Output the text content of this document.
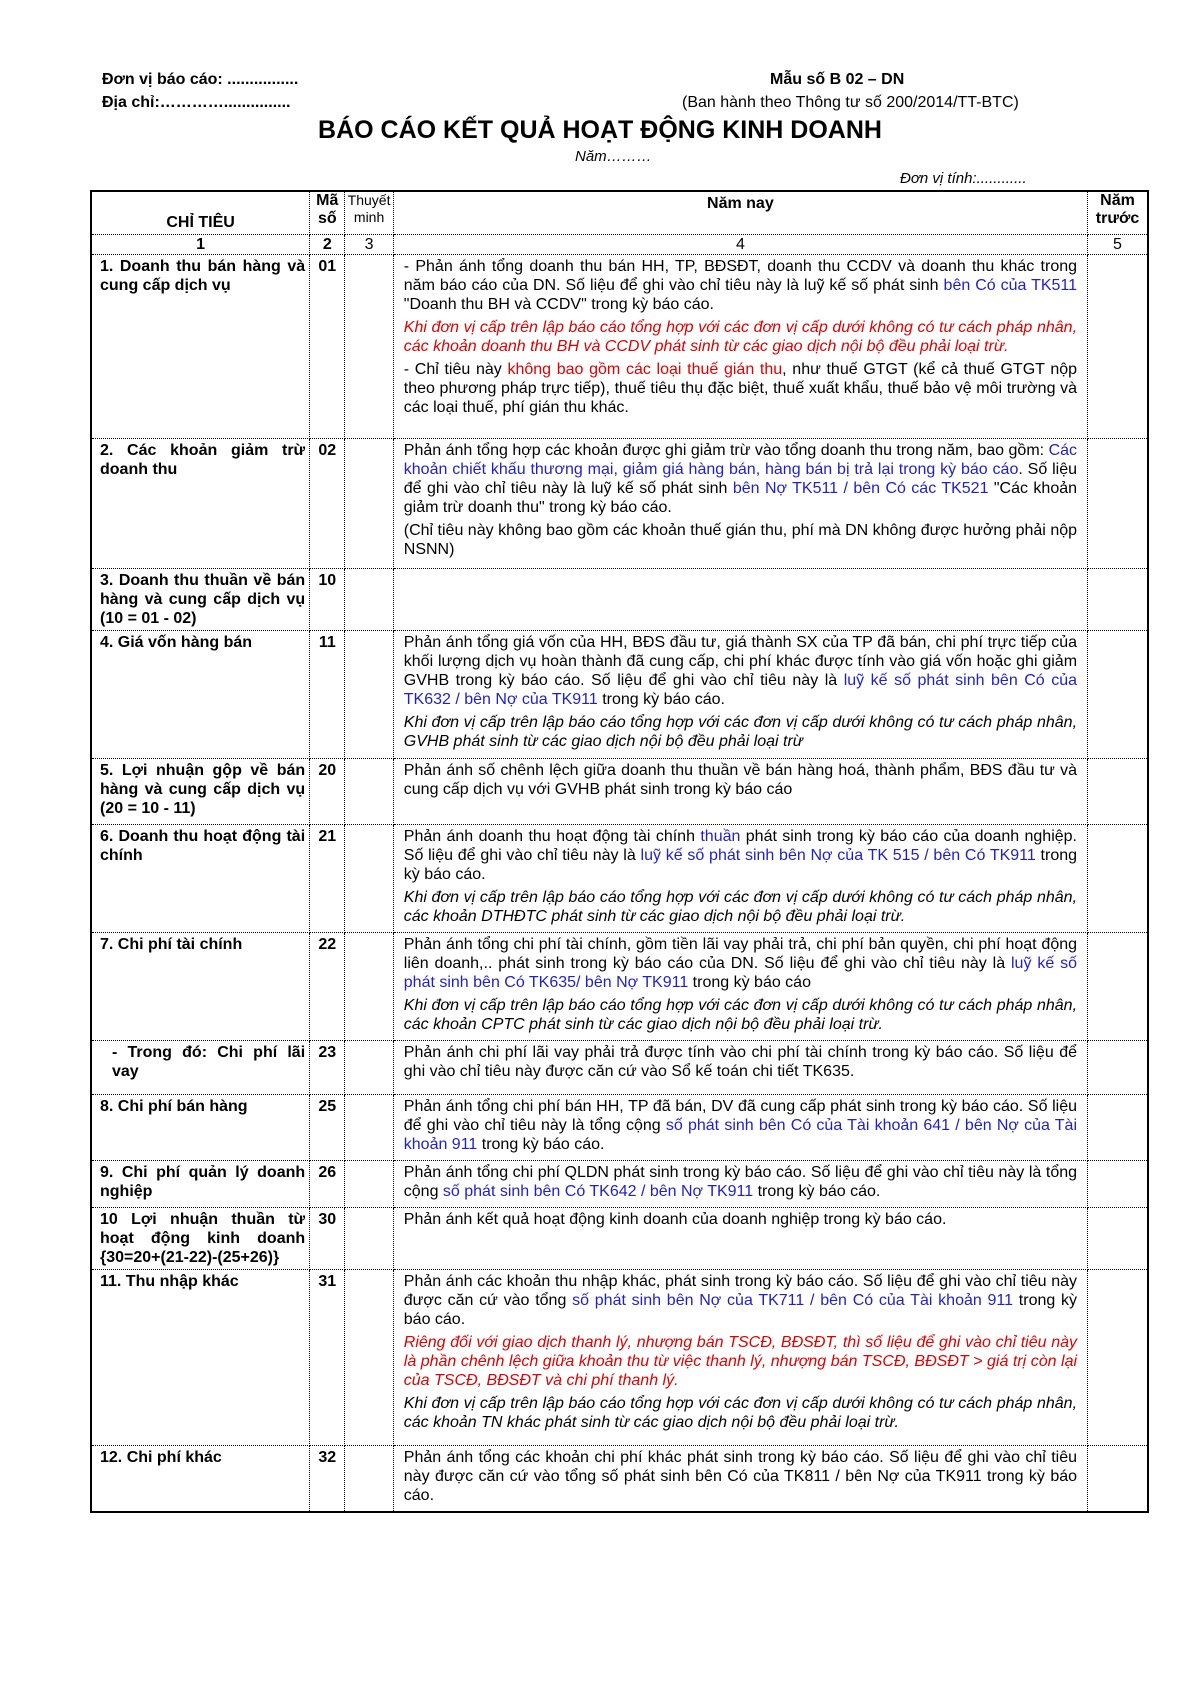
Đơn vị báo cáo: ................
Địa chỉ:…………...............
Mẫu số B 02 – DN
(Ban hành theo Thông tư số 200/2014/TT-BTC)
BÁO CÁO KẾT QUẢ HOẠT ĐỘNG KINH DOANH
Năm………
Đơn vị tính:............
CHỈ TIÊU	Mã số	Thuyết minh	Năm nay	Năm trước
1	2	3	4	5
1. Doanh thu bán hàng và cung cấp dịch vụ	01		- Phản ánh tổng doanh thu bán HH, TP, BĐSĐT, doanh thu CCDV và doanh thu khác trong năm báo cáo của DN. Số liệu để ghi vào chỉ tiêu này là luỹ kế số phát sinh bên Có của TK511 "Doanh thu BH và CCDV" trong kỳ báo cáo.

Khi đơn vị cấp trên lập báo cáo tổng hợp với các đơn vị cấp dưới không có tư cách pháp nhân, các khoản doanh thu BH và CCDV phát sinh từ các giao dịch nội bộ đều phải loại trừ.

- Chỉ tiêu này không bao gồm các loại thuế gián thu, như thuế GTGT (kể cả thuế GTGT nộp theo phương pháp trực tiếp), thuế tiêu thụ đặc biệt, thuế xuất khẩu, thuế bảo vệ môi trường và các loại thuế, phí gián thu khác.	

2. Các khoản giảm trừ doanh thu	02		Phản ánh tổng hợp các khoản được ghi giảm trừ vào tổng doanh thu trong năm, bao gồm: Các khoản chiết khấu thương mại, giảm giá hàng bán, hàng bán bị trả lại trong kỳ báo cáo. Số liệu để ghi vào chỉ tiêu này là luỹ kế số phát sinh bên Nợ TK511 / bên Có các TK521 "Các khoản giảm trừ doanh thu" trong kỳ báo cáo.

(Chỉ tiêu này không bao gồm các khoản thuế gián thu, phí mà DN không được hưởng phải nộp NSNN)	

3. Doanh thu thuần về bán hàng và cung cấp dịch vụ (10 = 01 - 02)	10			
4. Giá vốn hàng bán	11		Phản ánh tổng giá vốn của HH, BĐS đầu tư, giá thành SX của TP đã bán, chi phí trực tiếp của khối lượng dịch vụ hoàn thành đã cung cấp, chi phí khác được tính vào giá vốn hoặc ghi giảm GVHB trong kỳ báo cáo. Số liệu để ghi vào chỉ tiêu này là luỹ kế số phát sinh bên Có của TK632 / bên Nợ của TK911 trong kỳ báo cáo.

Khi đơn vị cấp trên lập báo cáo tổng hợp với các đơn vị cấp dưới không có tư cách pháp nhân, GVHB phát sinh từ các giao dịch nội bộ đều phải loại trừ	

5. Lợi nhuận gộp về bán hàng và cung cấp dịch vụ (20 = 10 - 11)	20		Phản ánh số chênh lệch giữa doanh thu thuần về bán hàng hoá, thành phẩm, BĐS đầu tư và cung cấp dịch vụ với GVHB phát sinh trong kỳ báo cáo	

6. Doanh thu hoạt động tài chính	21		Phản ánh doanh thu hoạt động tài chính thuần phát sinh trong kỳ báo cáo của doanh nghiệp. Số liệu để ghi vào chỉ tiêu này là luỹ kế số phát sinh bên Nợ của TK 515 / bên Có TK911 trong kỳ báo cáo.

Khi đơn vị cấp trên lập báo cáo tổng hợp với các đơn vị cấp dưới không có tư cách pháp nhân, các khoản DTHĐTC phát sinh từ các giao dịch nội bộ đều phải loại trừ.	

7. Chi phí tài chính	22		Phản ánh tổng chi phí tài chính, gồm tiền lãi vay phải trả, chi phí bản quyền, chi phí hoạt động liên doanh,.. phát sinh trong kỳ báo cáo của DN. Số liệu để ghi vào chỉ tiêu này là luỹ kế số phát sinh bên Có TK635/ bên Nợ TK911 trong kỳ báo cáo

Khi đơn vị cấp trên lập báo cáo tổng hợp với các đơn vị cấp dưới không có tư cách pháp nhân, các khoản CPTC phát sinh từ các giao dịch nội bộ đều phải loại trừ.	

- Trong đó: Chi phí lãi vay	23		Phản ánh chi phí lãi vay phải trả được tính vào chi phí tài chính trong kỳ báo cáo. Số liệu để ghi vào chỉ tiêu này được căn cứ vào Sổ kế toán chi tiết TK635.	

8. Chi phí bán hàng	25		Phản ánh tổng chi phí bán HH, TP đã bán, DV đã cung cấp phát sinh trong kỳ báo cáo. Số liệu để ghi vào chỉ tiêu này là tổng cộng số phát sinh bên Có của Tài khoản 641 / bên Nợ của Tài khoản 911 trong kỳ báo cáo.	

9. Chi phí quản lý doanh nghiệp	26		Phản ánh tổng chi phí QLDN phát sinh trong kỳ báo cáo. Số liệu để ghi vào chỉ tiêu này là tổng cộng số phát sinh bên Có TK642 / bên Nợ TK911 trong kỳ báo cáo.	

10 Lợi nhuận thuần từ hoạt động kinh doanh {30=20+(21-22)-(25+26)}	30		Phản ánh kết quả hoạt động kinh doanh của doanh nghiệp trong kỳ báo cáo.	

11. Thu nhập khác	31		Phản ánh các khoản thu nhập khác, phát sinh trong kỳ báo cáo. Số liệu để ghi vào chỉ tiêu này được căn cứ vào tổng số phát sinh bên Nợ của TK711 / bên Có của Tài khoản 911 trong kỳ báo cáo.

Riêng đối với giao dịch thanh lý, nhượng bán TSCĐ, BĐSĐT, thì số liệu để ghi vào chỉ tiêu này là phần chênh lệch giữa khoản thu từ việc thanh lý, nhượng bán TSCĐ, BĐSĐT > giá trị còn lại của TSCĐ, BĐSĐT và chi phí thanh lý.

Khi đơn vị cấp trên lập báo cáo tổng hợp với các đơn vị cấp dưới không có tư cách pháp nhân, các khoản TN khác phát sinh từ các giao dịch nội bộ đều phải loại trừ.	

12. Chi phí khác	32		Phản ánh tổng các khoản chi phí khác phát sinh trong kỳ báo cáo. Số liệu để ghi vào chỉ tiêu này được căn cứ vào tổng số phát sinh bên Có của TK811 / bên Nợ của TK911 trong kỳ báo cáo.	
